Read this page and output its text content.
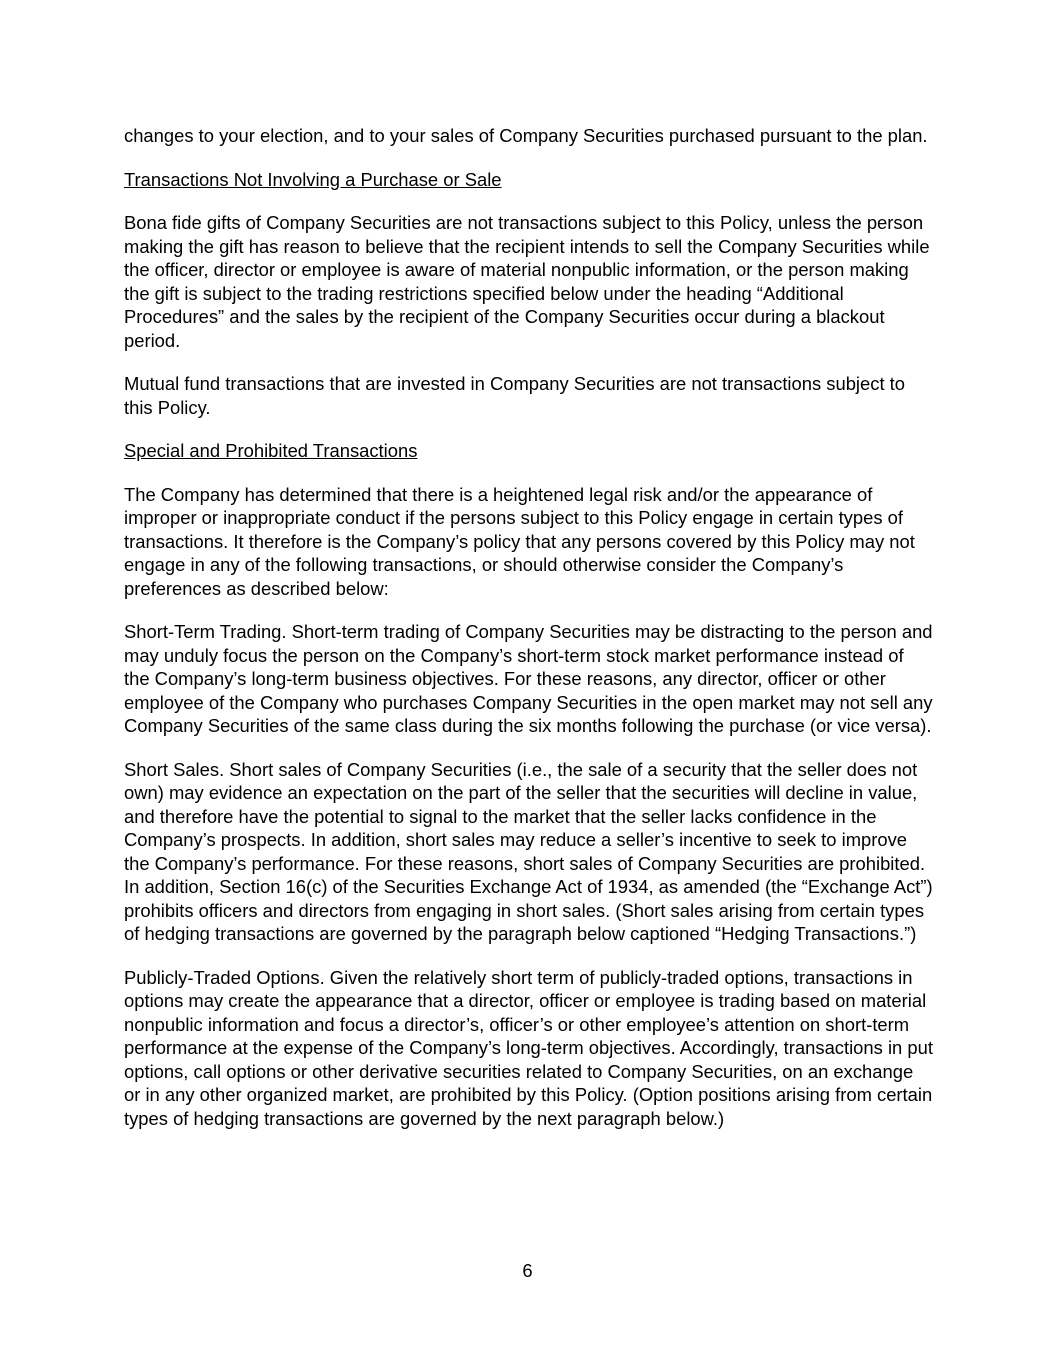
changes to your election, and to your sales of Company Securities purchased pursuant to the plan.

Transactions Not Involving a Purchase or Sale

Bona fide gifts of Company Securities are not transactions subject to this Policy, unless the person making the gift has reason to believe that the recipient intends to sell the Company Securities while the officer, director or employee is aware of material nonpublic information, or the person making the gift is subject to the trading restrictions specified below under the heading “Additional Procedures” and the sales by the recipient of the Company Securities occur during a blackout period.

Mutual fund transactions that are invested in Company Securities are not transactions subject to this Policy.

Special and Prohibited Transactions

The Company has determined that there is a heightened legal risk and/or the appearance of improper or inappropriate conduct if the persons subject to this Policy engage in certain types of transactions. It therefore is the Company’s policy that any persons covered by this Policy may not engage in any of the following transactions, or should otherwise consider the Company’s preferences as described below:

Short-Term Trading. Short-term trading of Company Securities may be distracting to the person and may unduly focus the person on the Company’s short-term stock market performance instead of the Company’s long-term business objectives. For these reasons, any director, officer or other employee of the Company who purchases Company Securities in the open market may not sell any Company Securities of the same class during the six months following the purchase (or vice versa).

Short Sales. Short sales of Company Securities (i.e., the sale of a security that the seller does not own) may evidence an expectation on the part of the seller that the securities will decline in value, and therefore have the potential to signal to the market that the seller lacks confidence in the Company’s prospects. In addition, short sales may reduce a seller’s incentive to seek to improve the Company’s performance. For these reasons, short sales of Company Securities are prohibited. In addition, Section 16(c) of the Securities Exchange Act of 1934, as amended (the “Exchange Act”) prohibits officers and directors from engaging in short sales. (Short sales arising from certain types of hedging transactions are governed by the paragraph below captioned “Hedging Transactions.”)

Publicly-Traded Options. Given the relatively short term of publicly-traded options, transactions in options may create the appearance that a director, officer or employee is trading based on material nonpublic information and focus a director’s, officer’s or other employee’s attention on short-term performance at the expense of the Company’s long-term objectives. Accordingly, transactions in put options, call options or other derivative securities related to Company Securities, on an exchange or in any other organized market, are prohibited by this Policy. (Option positions arising from certain types of hedging transactions are governed by the next paragraph below.)

6
